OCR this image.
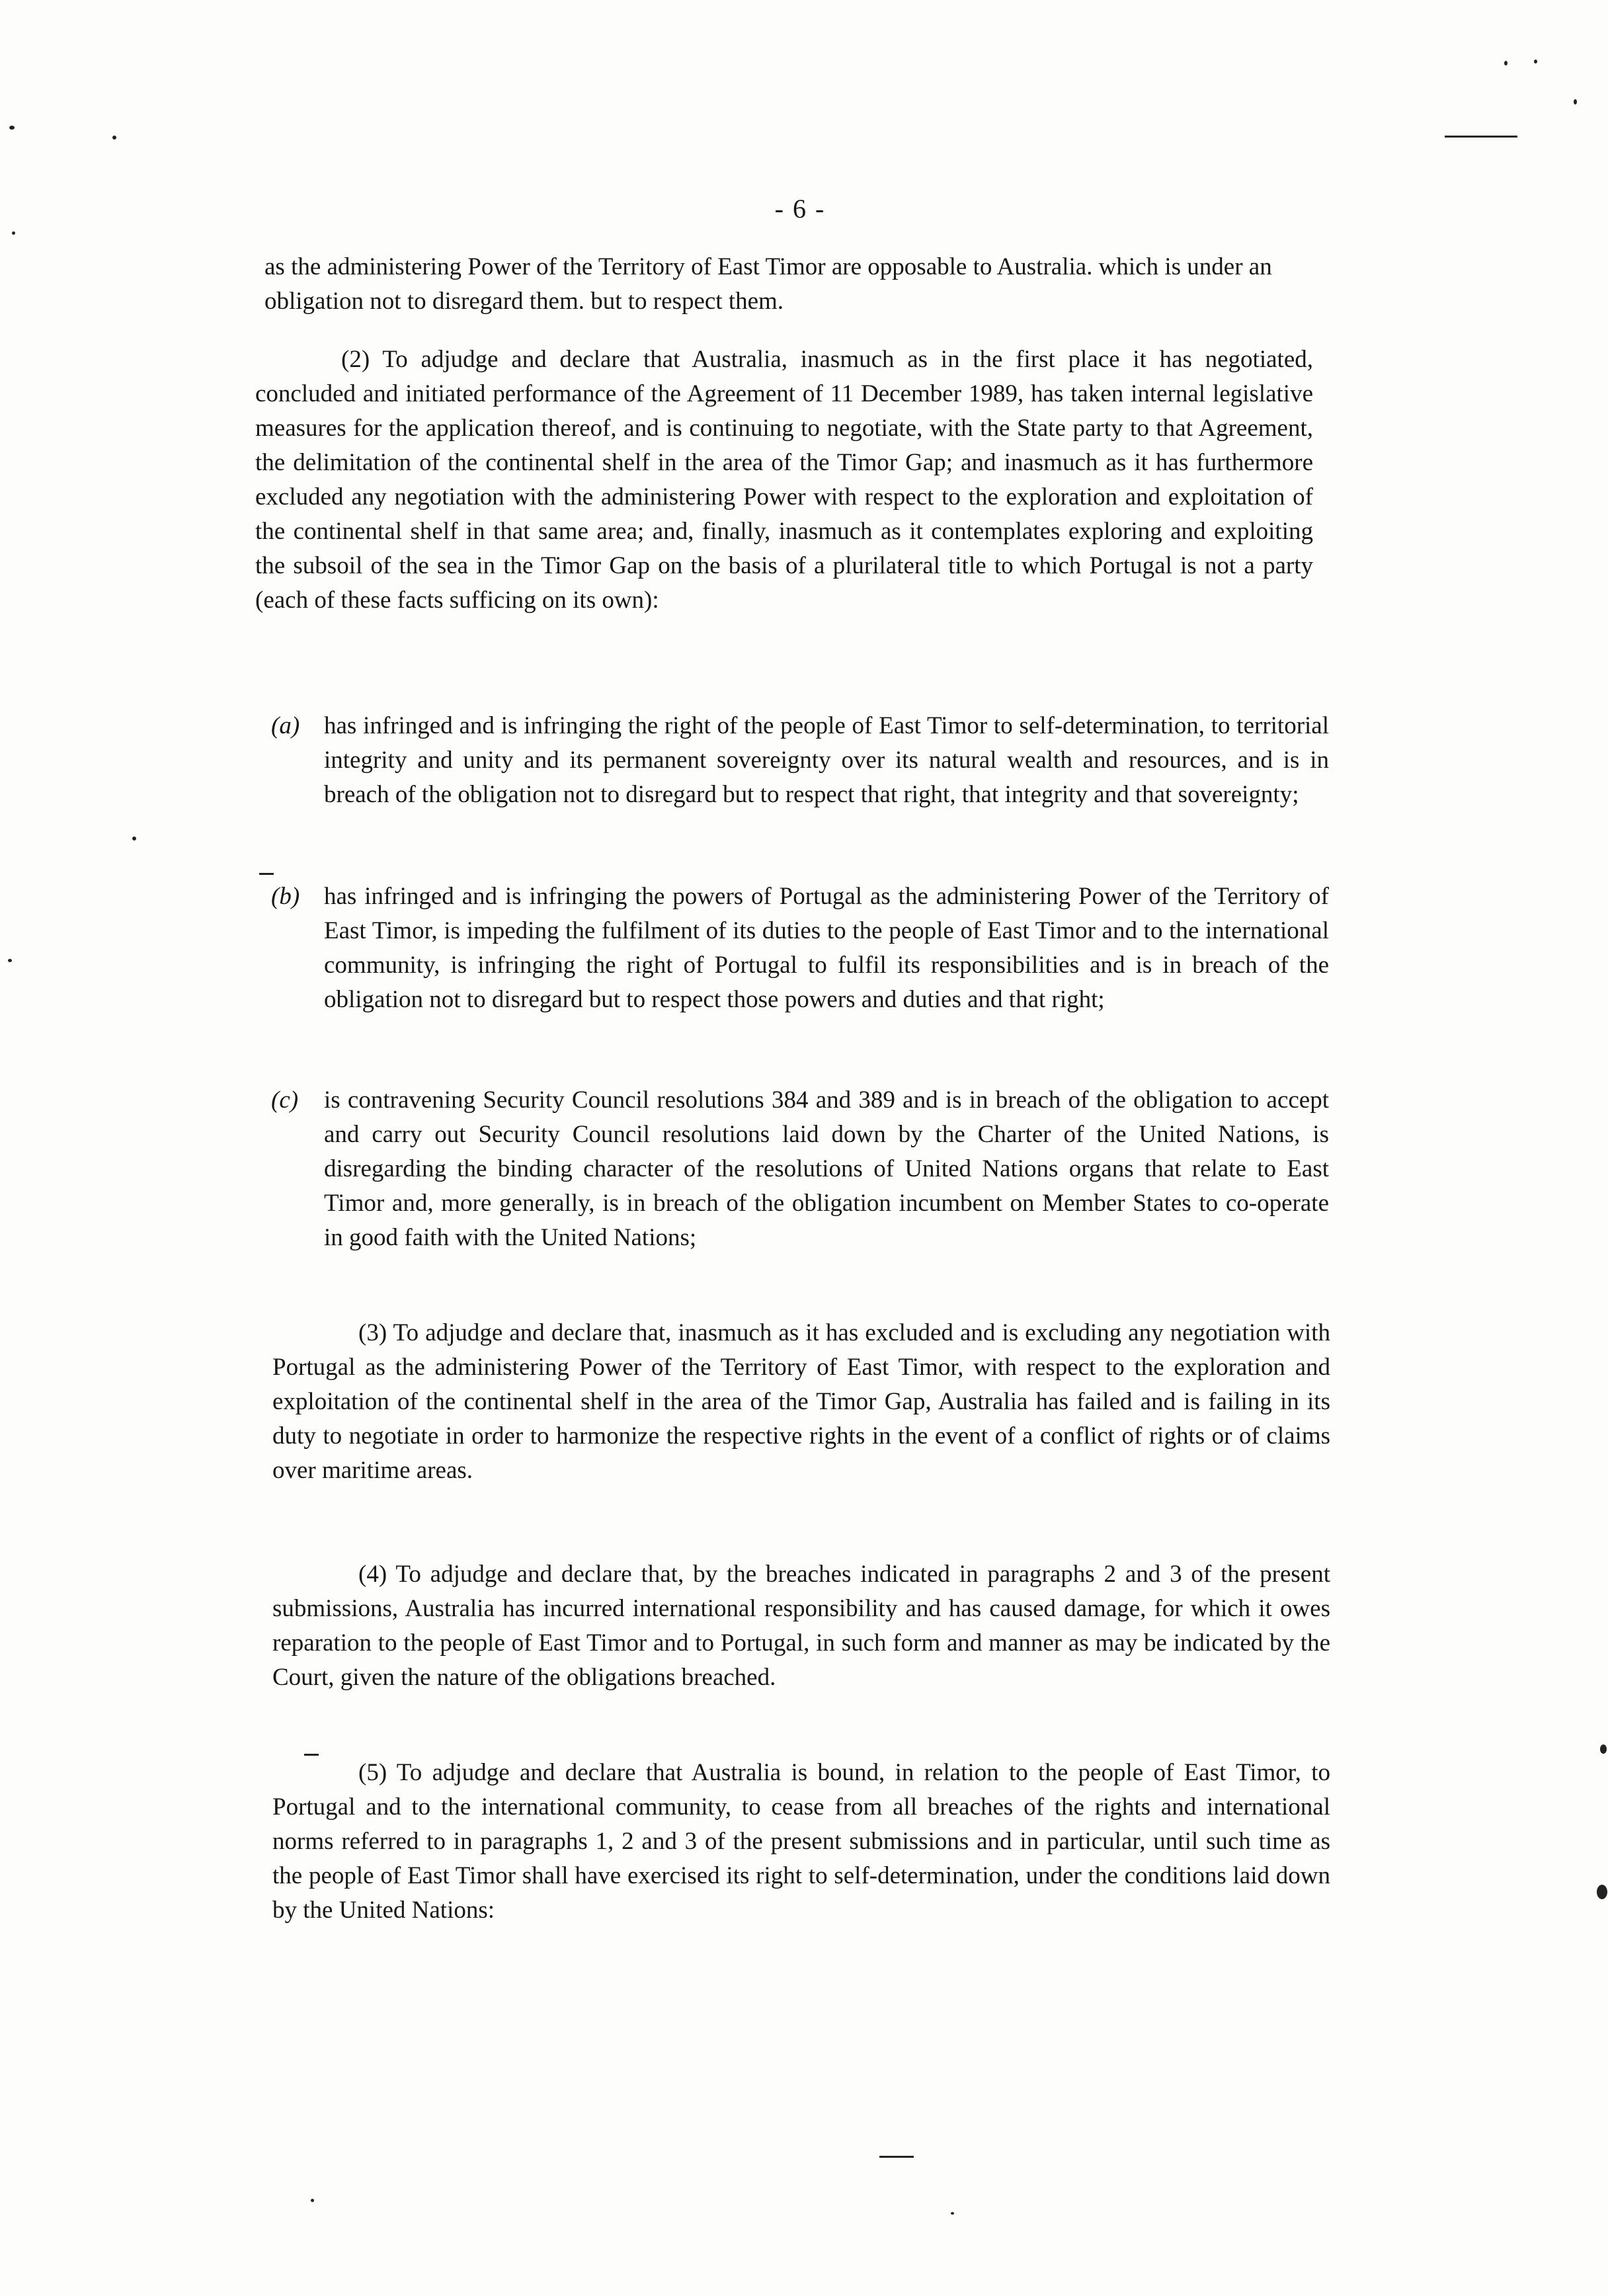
- 6 -

as the administering Power of the Territory of East Timor are opposable to Australia. which is under an obligation not to disregard them. but to respect them.

(2) To adjudge and declare that Australia, inasmuch as in the first place it has negotiated, concluded and initiated performance of the Agreement of 11 December 1989, has taken internal legislative measures for the application thereof, and is continuing to negotiate, with the State party to that Agreement, the delimitation of the continental shelf in the area of the Timor Gap; and inasmuch as it has furthermore excluded any negotiation with the administering Power with respect to the exploration and exploitation of the continental shelf in that same area; and, finally, inasmuch as it contemplates exploring and exploiting the subsoil of the sea in the Timor Gap on the basis of a plurilateral title to which Portugal is not a party (each of these facts sufficing on its own):

(a) has infringed and is infringing the right of the people of East Timor to self-determination, to territorial integrity and unity and its permanent sovereignty over its natural wealth and resources, and is in breach of the obligation not to disregard but to respect that right, that integrity and that sovereignty;
(b) has infringed and is infringing the powers of Portugal as the administering Power of the Territory of East Timor, is impeding the fulfilment of its duties to the people of East Timor and to the international community, is infringing the right of Portugal to fulfil its responsibilities and is in breach of the obligation not to disregard but to respect those powers and duties and that right;
(c) is contravening Security Council resolutions 384 and 389 and is in breach of the obligation to accept and carry out Security Council resolutions laid down by the Charter of the United Nations, is disregarding the binding character of the resolutions of United Nations organs that relate to East Timor and, more generally, is in breach of the obligation incumbent on Member States to co-operate in good faith with the United Nations;

(3) To adjudge and declare that, inasmuch as it has excluded and is excluding any negotiation with Portugal as the administering Power of the Territory of East Timor, with respect to the exploration and exploitation of the continental shelf in the area of the Timor Gap, Australia has failed and is failing in its duty to negotiate in order to harmonize the respective rights in the event of a conflict of rights or of claims over maritime areas.

(4) To adjudge and declare that, by the breaches indicated in paragraphs 2 and 3 of the present submissions, Australia has incurred international responsibility and has caused damage, for which it owes reparation to the people of East Timor and to Portugal, in such form and manner as may be indicated by the Court, given the nature of the obligations breached.

(5) To adjudge and declare that Australia is bound, in relation to the people of East Timor, to Portugal and to the international community, to cease from all breaches of the rights and international norms referred to in paragraphs 1, 2 and 3 of the present submissions and in particular, until such time as the people of East Timor shall have exercised its right to self-determination, under the conditions laid down by the United Nations:
